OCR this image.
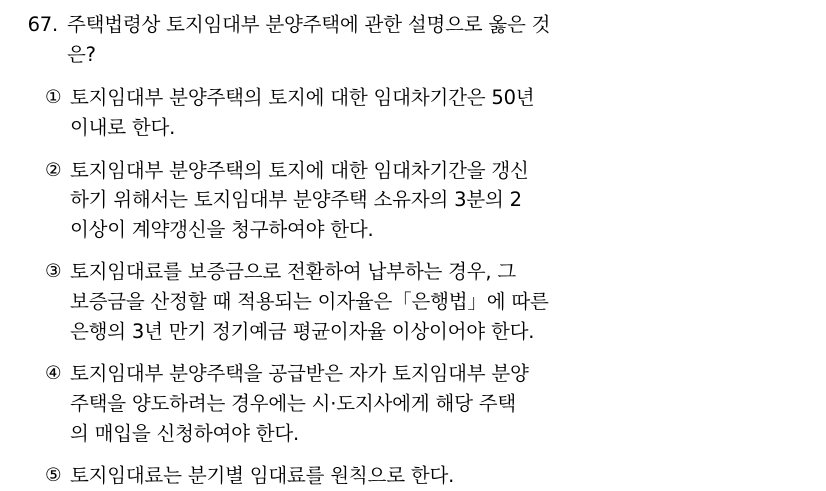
67. 주택법령상 토지임대부 분양주택에 관한 설명으로 옳은 것
은?
① 토지임대부 분양주택의 토지에 대한 임대차기간은 50년
이내로 한다.
② 토지임대부 분양주택의 토지에 대한 임대차기간을 갱신
하기 위해서는 토지임대부 분양주택 소유자의 3분의 2
이상이 계약갱신을 청구하여야 한다.
③ 토지임대료를 보증금으로 전환하여 납부하는 경우, 그
보증금을 산정할 때 적용되는 이자율은「은행법」에 따른
은행의 3년 만기 정기예금 평균이자율 이상이어야 한다.
④ 토지임대부 분양주택을 공급받은 자가 토지임대부 분양
주택을 양도하려는 경우에는 시·도지사에게 해당 주택
의 매입을 신청하여야 한다.
⑤ 토지임대료는 분기별 임대료를 원칙으로 한다.
